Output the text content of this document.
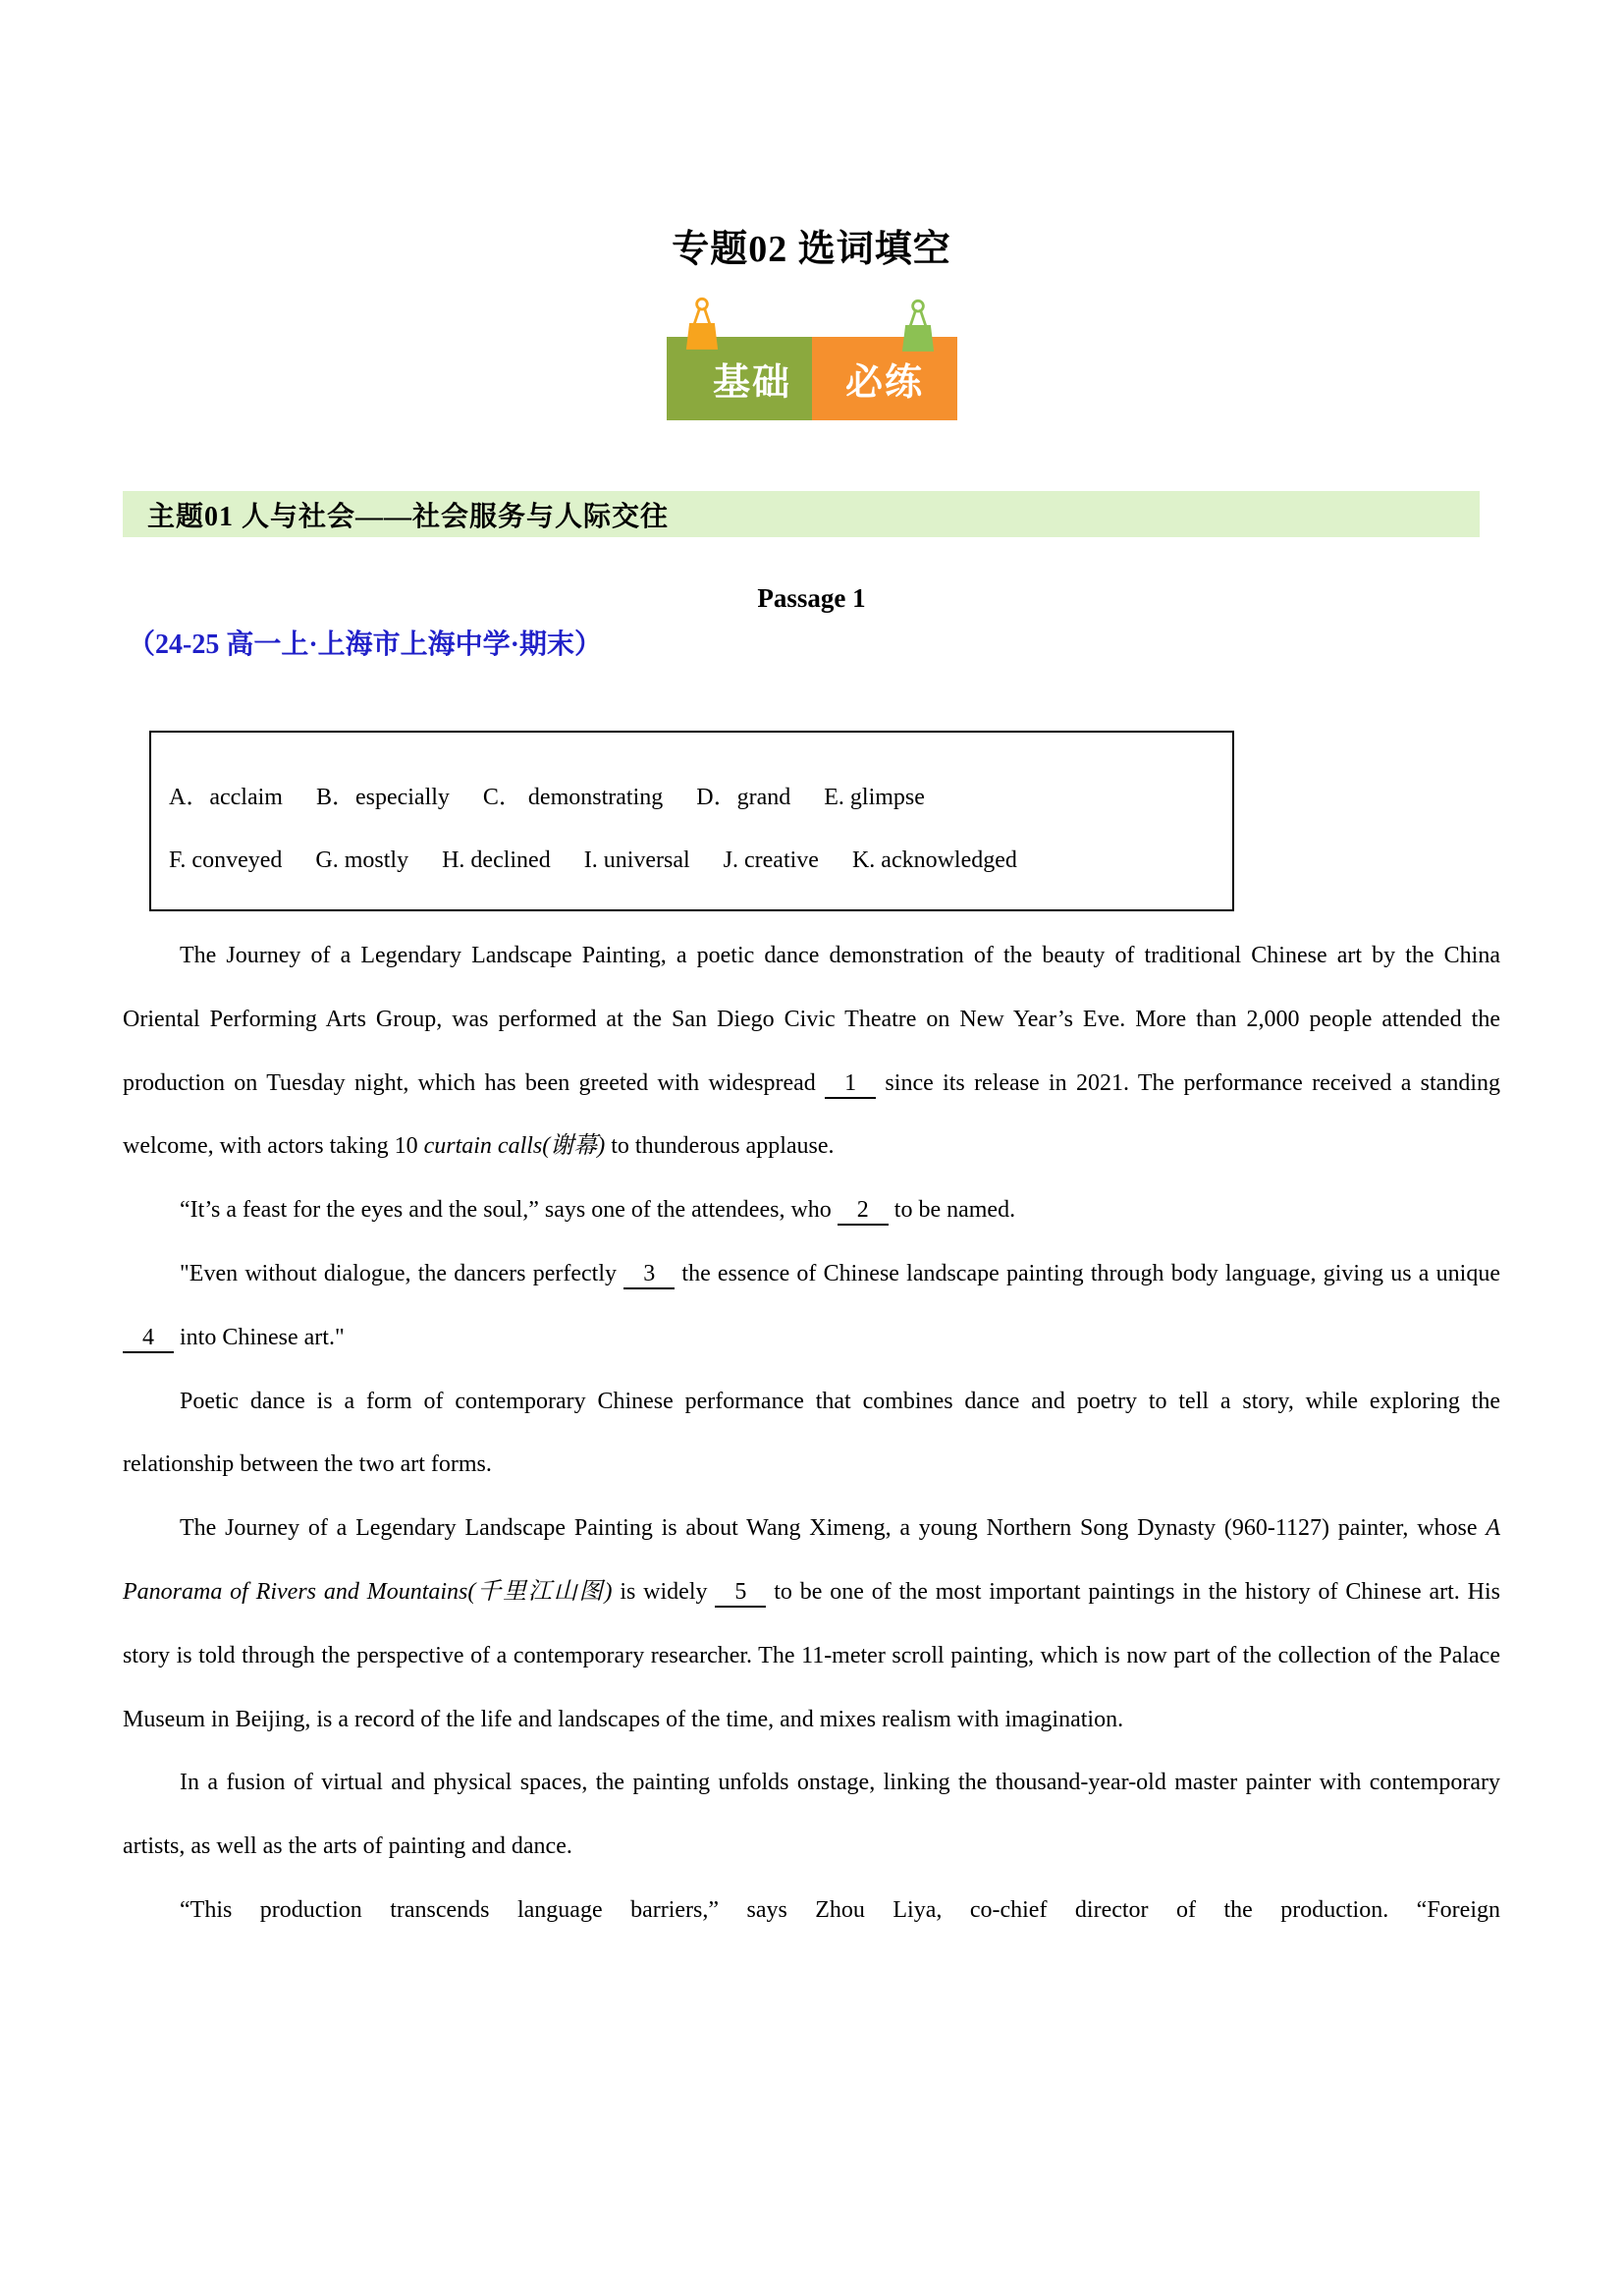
专题02 选词填空
基础 必练
主题01 人与社会——社会服务与人际交往
Passage 1
（24-25 高一上·上海市上海中学·期末）
A．acclaim B．especially C． demonstrating D．grand E. glimpse
F. conveyed G. mostly H. declined I. universal J. creative K. acknowledged

The Journey of a Legendary Landscape Painting, a poetic dance demonstration of the beauty of traditional Chinese art by the China Oriental Performing Arts Group, was performed at the San Diego Civic Theatre on New Year’s Eve. More than 2,000 people attended the production on Tuesday night, which has been greeted with widespread 1 since its release in 2021. The performance received a standing welcome, with actors taking 10 curtain calls(谢幕) to thunderous applause.

“It’s a feast for the eyes and the soul,” says one of the attendees, who 2 to be named.

"Even without dialogue, the dancers perfectly 3 the essence of Chinese landscape painting through body language, giving us a unique 4 into Chinese art."

Poetic dance is a form of contemporary Chinese performance that combines dance and poetry to tell a story, while exploring the relationship between the two art forms.

The Journey of a Legendary Landscape Painting is about Wang Ximeng, a young Northern Song Dynasty (960-1127) painter, whose A Panorama of Rivers and Mountains(千里江山图) is widely 5 to be one of the most important paintings in the history of Chinese art. His story is told through the perspective of a contemporary researcher. The 11-meter scroll painting, which is now part of the collection of the Palace Museum in Beijing, is a record of the life and landscapes of the time, and mixes realism with imagination.

In a fusion of virtual and physical spaces, the painting unfolds onstage, linking the thousand-year-old master painter with contemporary artists, as well as the arts of painting and dance.

“This production transcends language barriers,” says Zhou Liya, co-chief director of the production. “Foreign
